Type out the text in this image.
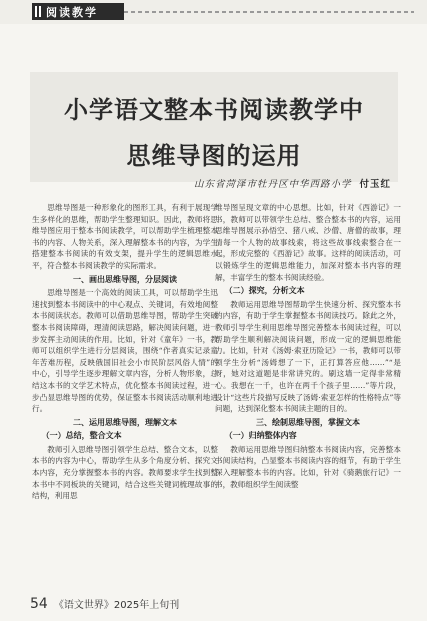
阅读教学
小学语文整本书阅读教学中
思维导图的运用
山东省菏泽市牡丹区中华西路小学 付玉红

思维导图是一种形象化的图形工具，有利于展现学生多样化的思维，帮助学生整理知识。因此，教师将思维导图应用于整本书阅读教学，可以帮助学生梳理整本书的内容、人物关系，深入理解整本书的内容，为学生搭建整本书阅读的有效支架，提升学生的逻辑思维水平，符合整本书阅读教学的实际需求。

一、画出思维导图，分层阅读

思维导图是一个高效的阅读工具，可以帮助学生迅速找到整本书阅读中的中心观点、关键词，有效地阅整本书阅读状态。教师可以借助思维导图，帮助学生突破整本书阅读障碍，理清阅读思路，解决阅读问题，进一步发挥主动阅读的作用。比如，针对《童年》一书，教师可以组织学生进行分层阅读，围绕“作者真实记录童年苦难历程，反映俄国旧社会小市民阶层风俗人情”的中心，引导学生逐步理解文章内容，分析人物形象，总结这本书的文学艺术特点，优化整本书阅读过程，进一步凸显思维导图的优势，保证整本书阅读活动顺利地进行。

二、运用思维导图，理解文本
（一）总结，整合文本

教师引入思维导图引领学生总结、整合文本，以整本书的内容为中心，帮助学生从多个角度分析、探究文本内容，充分掌握整本书的内容。教师要求学生找到整本书中不同板块的关键词，结合这些关键词梳理故事的结构，利用思

维导图呈现文章的中心思想。比如，针对《西游记》一书，教师可以带领学生总结、整合整本书的内容，运用思维导图展示孙悟空、猪八戒、沙僧、唐僧的故事，理清每一个人物的故事线索，将这些故事线索整合在一起，形成完整的《西游记》故事。这样的阅读活动，可以锻炼学生的逻辑思维能力，加深对整本书内容的理解，丰富学生的整本书阅读经验。

（二）探究，分析文本

教师运用思维导图帮助学生快速分析、探究整本书的内容，有助于学生掌握整本书阅读技巧。除此之外，教师引导学生利用思维导图完善整本书阅读过程，可以帮助学生顺利解决阅读问题，形成一定的逻辑思维能力。比如，针对《汤姆·索亚历险记》一书，教师可以带领学生分析“汤姆想了一下，正打算答应他……”“是呀，她对这道题是非常讲究的。刷这墙一定得非常精心。我想在一千，也许在两千个孩子里……”等片段，设计“这些片段描写反映了汤姆·索亚怎样的性格特点”等问题，达到深化整本书阅读主题的目的。

三、绘制思维导图，掌握文本
（一）归纳整体内容

教师运用思维导图归纳整本书阅读内容，完善整本书阅读结构，凸显整本书阅读内容的细节，有助于学生深入理解整本书的内容。比如，针对《骑鹅旅行记》一书，教师组织学生阅读整

54 《语文世界》2025年上旬刊
